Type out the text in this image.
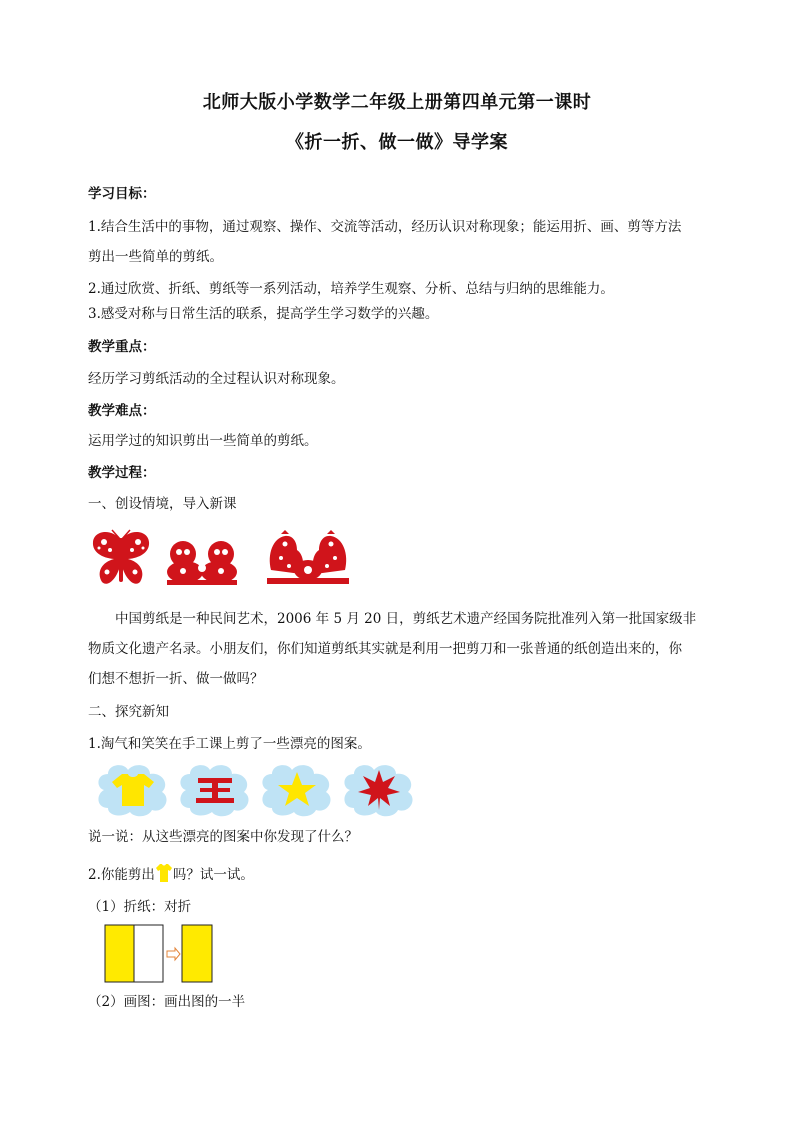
北师大版小学数学二年级上册第四单元第一课时
《折一折、做一做》导学案
学习目标：
1.结合生活中的事物，通过观察、操作、交流等活动，经历认识对称现象；能运用折、画、剪等方法
剪出一些简单的剪纸。
2.通过欣赏、折纸、剪纸等一系列活动，培养学生观察、分析、总结与归纳的思维能力。
3.感受对称与日常生活的联系，提高学生学习数学的兴趣。
教学重点：
经历学习剪纸活动的全过程认识对称现象。
教学难点：
运用学过的知识剪出一些简单的剪纸。
教学过程：
一、创设情境，导入新课
中国剪纸是一种民间艺术，2006 年 5 月 20 日，剪纸艺术遗产经国务院批准列入第一批国家级非
物质文化遗产名录。小朋友们，你们知道剪纸其实就是利用一把剪刀和一张普通的纸创造出来的，你
们想不想折一折、做一做吗？
二、探究新知
1.淘气和笑笑在手工课上剪了一些漂亮的图案。
说一说：从这些漂亮的图案中你发现了什么？
2.你能剪出 吗？试一试。
（1）折纸：对折
（2）画图：画出图的一半
